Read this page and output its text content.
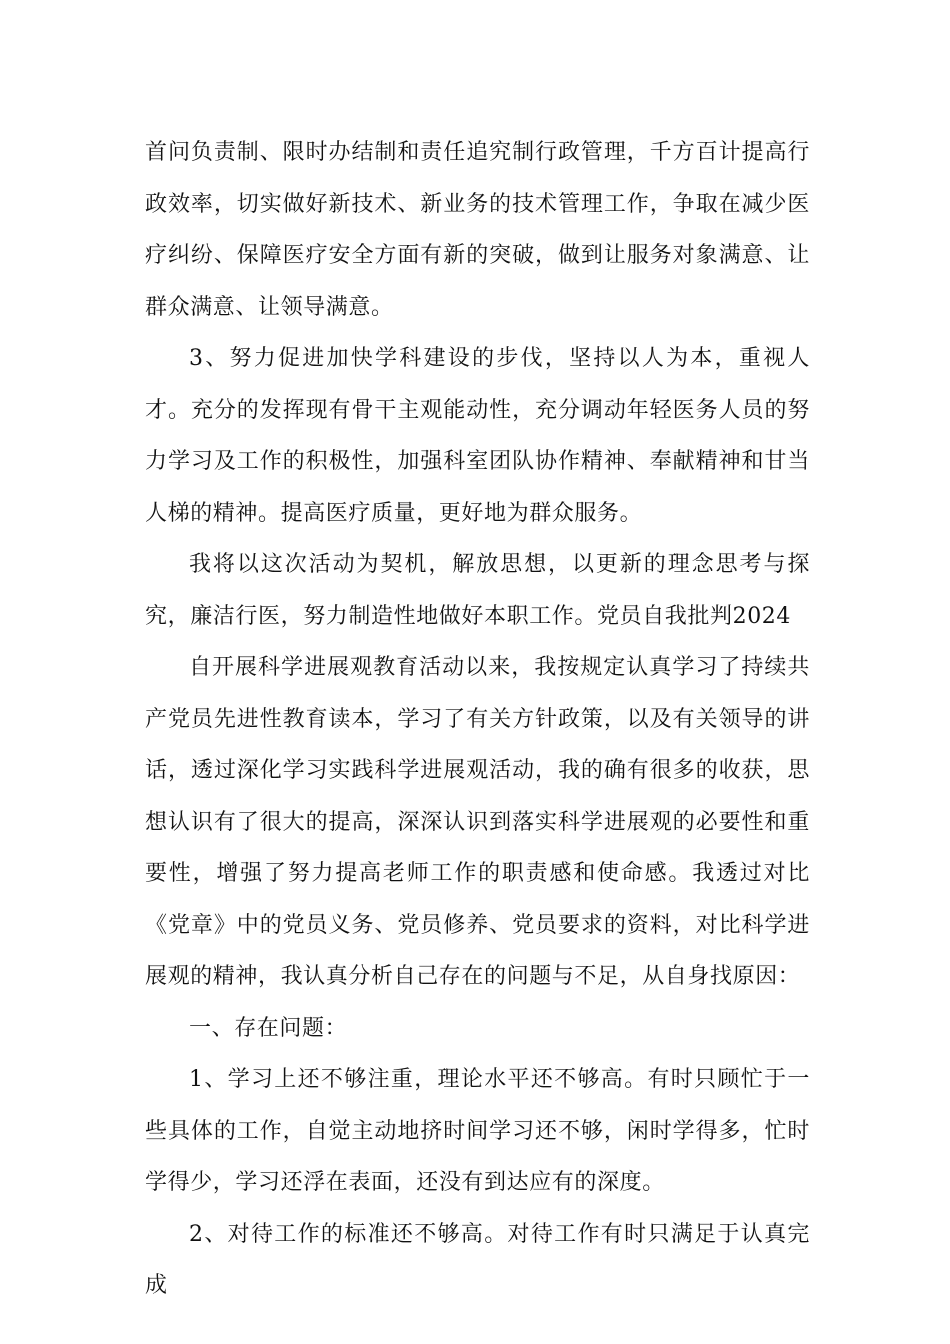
首问负责制、限时办结制和责任追究制行政管理，千方百计提高行政效率，切实做好新技术、新业务的技术管理工作，争取在减少医疗纠纷、保障医疗安全方面有新的突破，做到让服务对象满意、让群众满意、让领导满意。

3、努力促进加快学科建设的步伐，坚持以人为本，重视人才。充分的发挥现有骨干主观能动性，充分调动年轻医务人员的努力学习及工作的积极性，加强科室团队协作精神、奉献精神和甘当人梯的精神。提高医疗质量，更好地为群众服务。

我将以这次活动为契机，解放思想，以更新的理念思考与探究，廉洁行医，努力制造性地做好本职工作。党员自我批判2024

自开展科学进展观教育活动以来，我按规定认真学习了持续共产党员先进性教育读本，学习了有关方针政策，以及有关领导的讲话，透过深化学习实践科学进展观活动，我的确有很多的收获，思想认识有了很大的提高，深深认识到落实科学进展观的必要性和重要性，增强了努力提高老师工作的职责感和使命感。我透过对比《党章》中的党员义务、党员修养、党员要求的资料，对比科学进展观的精神，我认真分析自己存在的问题与不足，从自身找原因：

一、存在问题：

1、学习上还不够注重，理论水平还不够高。有时只顾忙于一些具体的工作，自觉主动地挤时间学习还不够，闲时学得多，忙时学得少，学习还浮在表面，还没有到达应有的深度。

2、对待工作的标准还不够高。对待工作有时只满足于认真完成
